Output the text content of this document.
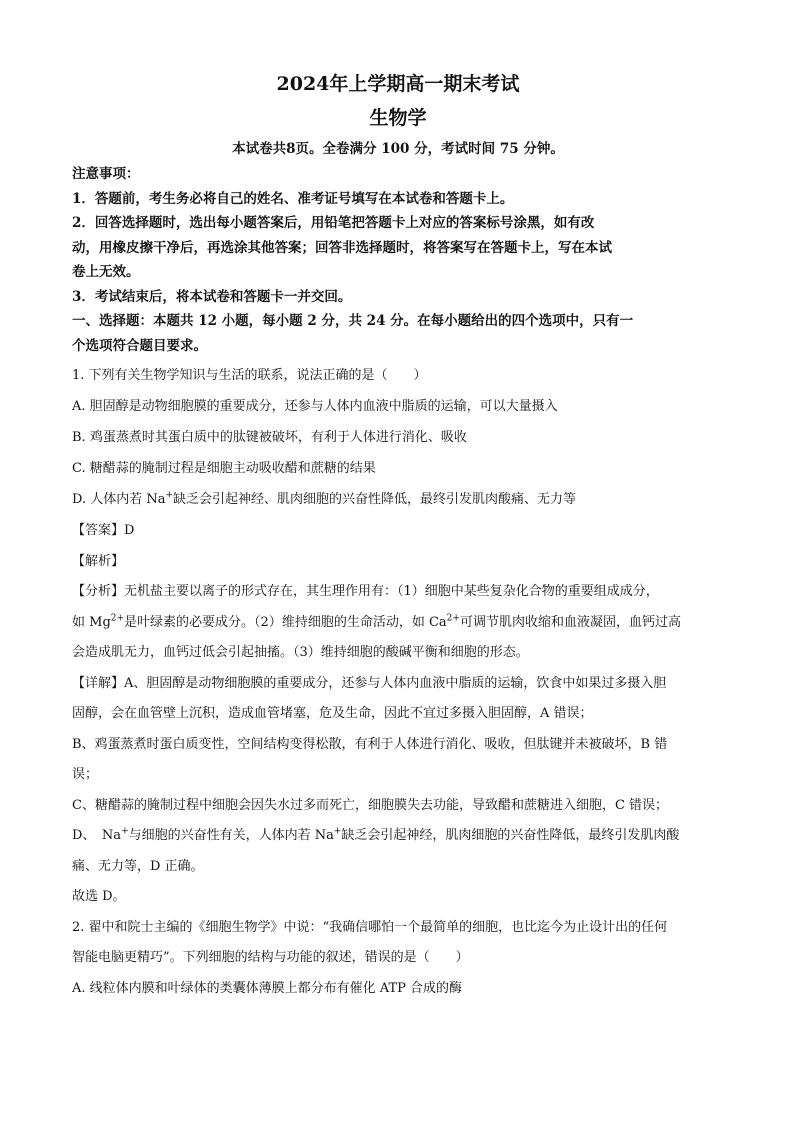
2024年上学期高一期末考试
生物学
本试卷共8页。全卷满分 100 分，考试时间 75 分钟。

注意事项：

1．答题前，考生务必将自己的姓名、准考证号填写在本试卷和答题卡上。

2．回答选择题时，选出每小题答案后，用铅笔把答题卡上对应的答案标号涂黑，如有改

动，用橡皮擦干净后，再选涂其他答案；回答非选择题时，将答案写在答题卡上，写在本试

卷上无效。

3．考试结束后，将本试卷和答题卡一并交回。

一、选择题：本题共 12 小题，每小题 2 分，共 24 分。在每小题给出的四个选项中，只有一

个选项符合题目要求。

1. 下列有关生物学知识与生活的联系，说法正确的是（　　）

A. 胆固醇是动物细胞膜的重要成分，还参与人体内血液中脂质的运输，可以大量摄入

B. 鸡蛋蒸煮时其蛋白质中的肽键被破坏，有利于人体进行消化、吸收

C. 糖醋蒜的腌制过程是细胞主动吸收醋和蔗糖的结果

D. 人体内若 Na+缺乏会引起神经、肌肉细胞的兴奋性降低，最终引发肌肉酸痛、无力等

【答案】D

【解析】

【分析】无机盐主要以离子的形式存在，其生理作用有：（1）细胞中某些复杂化合物的重要组成成分，

如 $Mg^{2+}$是叶绿素的必要成分。（2）维持细胞的生命活动，如 $Ca^{2+}$可调节肌肉收缩和血液凝固，血钙过高

会造成肌无力，血钙过低会引起抽搐。（3）维持细胞的酸碱平衡和细胞的形态。

【详解】A、胆固醇是动物细胞膜的重要成分，还参与人体内血液中脂质的运输，饮食中如果过多摄入胆

固醇，会在血管壁上沉积，造成血管堵塞，危及生命，因此不宜过多摄入胆固醇，A 错误；

B、鸡蛋蒸煮时蛋白质变性，空间结构变得松散，有利于人体进行消化、吸收，但肽键并未被破坏，B 错

误；

C、糖醋蒜的腌制过程中细胞会因失水过多而死亡，细胞膜失去功能，导致醋和蔗糖进入细胞，C 错误；

D、　Na+与细胞的兴奋性有关，人体内若 Na+缺乏会引起神经，肌肉细胞的兴奋性降低，最终引发肌肉酸

痛、无力等，D 正确。

故选 D。

2. 翟中和院士主编的《细胞生物学》中说：“我确信哪怕一个最简单的细胞，也比迄今为止设计出的任何

智能电脑更精巧”。下列细胞的结构与功能的叙述，错误的是（　　）

A. 线粒体内膜和叶绿体的类囊体薄膜上都分布有催化 ATP 合成的酶
